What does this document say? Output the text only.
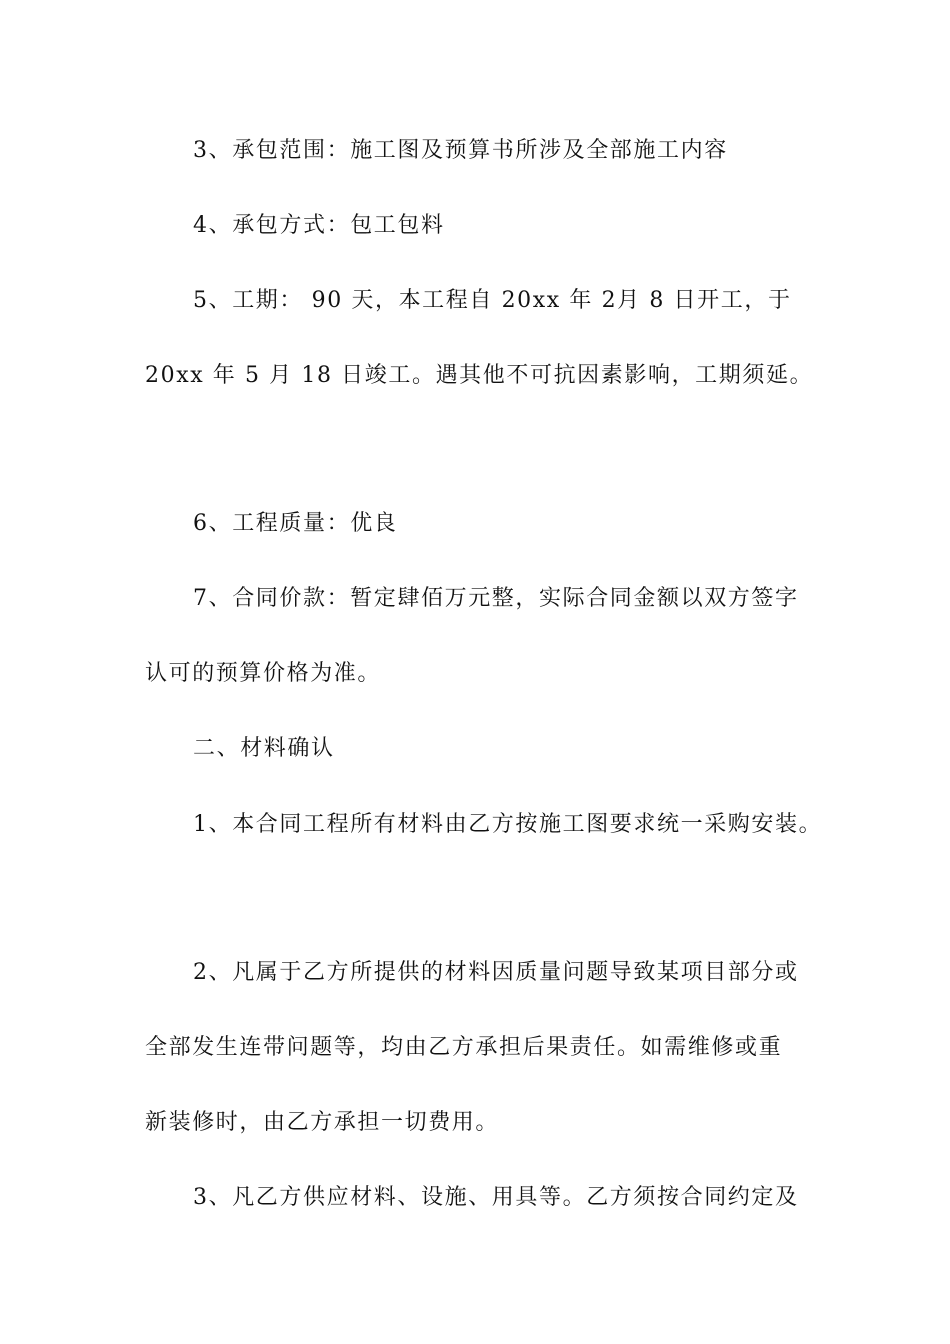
3、承包范围：施工图及预算书所涉及全部施工内容
4、承包方式：包工包料
5、工期： 90 天，本工程自 20xx 年 2月 8 日开工，于
20xx 年 5 月 18 日竣工。遇其他不可抗因素影响，工期须延。
6、工程质量：优良
7、合同价款：暂定肆佰万元整，实际合同金额以双方签字
认可的预算价格为准。
二、材料确认
1、本合同工程所有材料由乙方按施工图要求统一采购安装。
2、凡属于乙方所提供的材料因质量问题导致某项目部分或
全部发生连带问题等，均由乙方承担后果责任。如需维修或重
新装修时，由乙方承担一切费用。
3、凡乙方供应材料、设施、用具等。乙方须按合同约定及
